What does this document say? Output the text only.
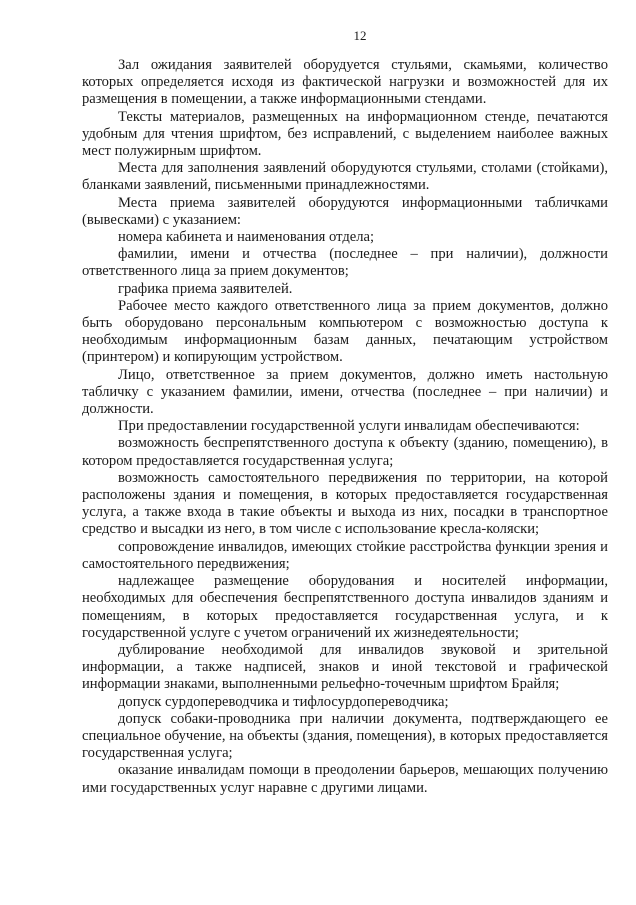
12

Зал ожидания заявителей оборудуется стульями, скамьями, количество которых определяется исходя из фактической нагрузки и возможностей для их размещения в помещении, а также информационными стендами.

Тексты материалов, размещенных на информационном стенде, печатаются удобным для чтения шрифтом, без исправлений, с выделением наиболее важных мест полужирным шрифтом.

Места для заполнения заявлений оборудуются стульями, столами (стойками), бланками заявлений, письменными принадлежностями.

Места приема заявителей оборудуются информационными табличками (вывесками) с указанием:

номера кабинета и наименования отдела;

фамилии, имени и отчества (последнее – при наличии), должности ответственного лица за прием документов;

графика приема заявителей.

Рабочее место каждого ответственного лица за прием документов, должно быть оборудовано персональным компьютером с возможностью доступа к необходимым информационным базам данных, печатающим устройством (принтером) и копирующим устройством.

Лицо, ответственное за прием документов, должно иметь настольную табличку с указанием фамилии, имени, отчества (последнее – при наличии) и должности.

При предоставлении государственной услуги инвалидам обеспечиваются:

возможность беспрепятственного доступа к объекту (зданию, помещению), в котором предоставляется государственная услуга;

возможность самостоятельного передвижения по территории, на которой расположены здания и помещения, в которых предоставляется государственная услуга, а также входа в такие объекты и выхода из них, посадки в транспортное средство и высадки из него, в том числе с использование кресла-коляски;

сопровождение инвалидов, имеющих стойкие расстройства функции зрения и самостоятельного передвижения;

надлежащее размещение оборудования и носителей информации, необходимых для обеспечения беспрепятственного доступа инвалидов зданиям и помещениям, в которых предоставляется государственная услуга, и к государственной услуге с учетом ограничений их жизнедеятельности;

дублирование необходимой для инвалидов звуковой и зрительной информации, а также надписей, знаков и иной текстовой и графической информации знаками, выполненными рельефно-точечным шрифтом Брайля;

допуск сурдопереводчика и тифлосурдопереводчика;

допуск собаки-проводника при наличии документа, подтверждающего ее специальное обучение, на объекты (здания, помещения), в которых предоставляется государственная услуга;

оказание инвалидам помощи в преодолении барьеров, мешающих получению ими государственных услуг наравне с другими лицами.
